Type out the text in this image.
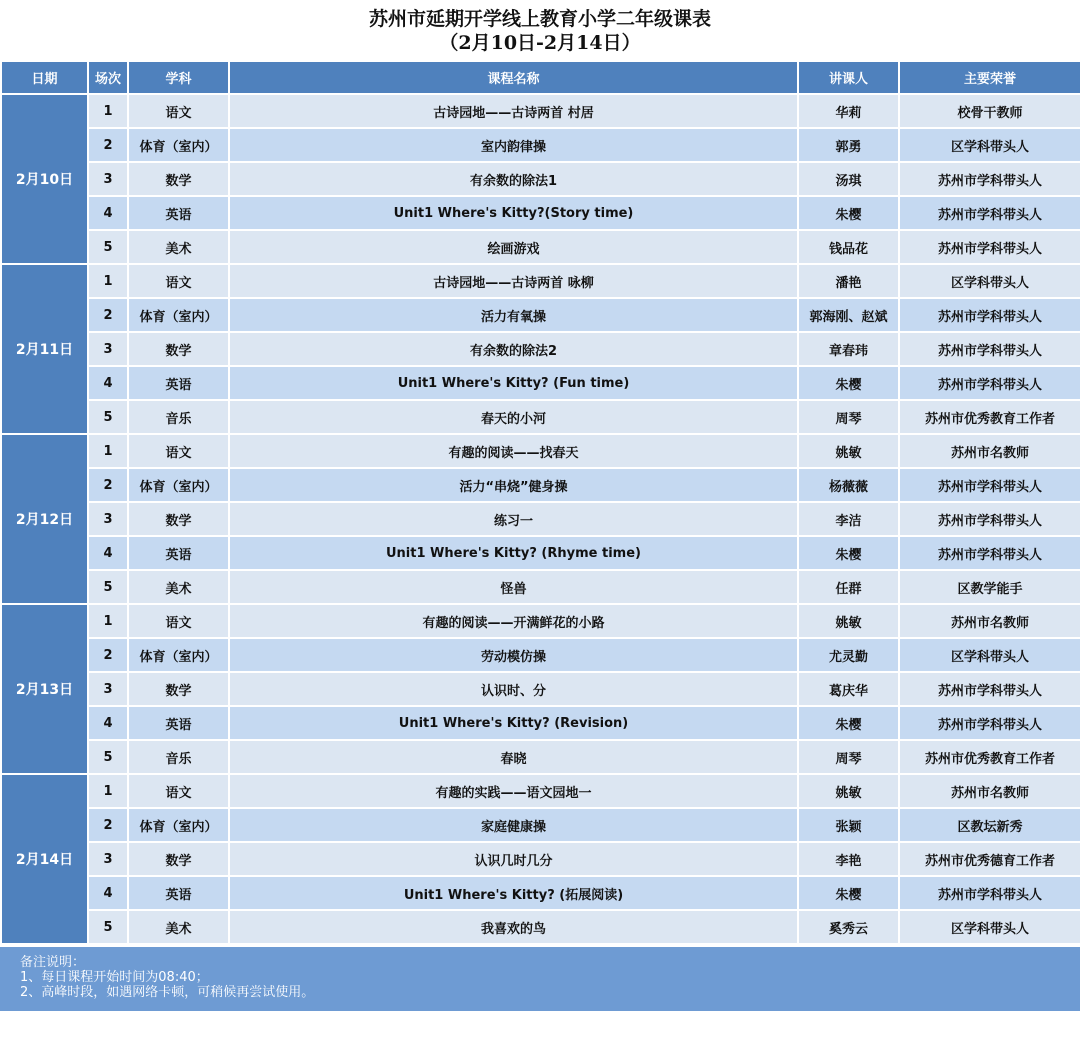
苏州市延期开学线上教育小学二年级课表
（2月10日-2月14日）
日期	场次	学科	课程名称	讲课人	主要荣誉
2月10日	1	语文	古诗园地——古诗两首 村居	华莉	校骨干教师
	2	体育（室内）	室内韵律操	郭勇	区学科带头人
	3	数学	有余数的除法1	汤琪	苏州市学科带头人
	4	英语	Unit1 Where's Kitty?(Story time)	朱樱	苏州市学科带头人
	5	美术	绘画游戏	钱品花	苏州市学科带头人
2月11日	1	语文	古诗园地——古诗两首 咏柳	潘艳	区学科带头人
	2	体育（室内）	活力有氧操	郭海刚、赵斌	苏州市学科带头人
	3	数学	有余数的除法2	章春玮	苏州市学科带头人
	4	英语	Unit1 Where's Kitty? (Fun time)	朱樱	苏州市学科带头人
	5	音乐	春天的小河	周琴	苏州市优秀教育工作者
2月12日	1	语文	有趣的阅读——找春天	姚敏	苏州市名教师
	2	体育（室内）	活力“串烧”健身操	杨薇薇	苏州市学科带头人
	3	数学	练习一	李洁	苏州市学科带头人
	4	英语	Unit1 Where's Kitty? (Rhyme time)	朱樱	苏州市学科带头人
	5	美术	怪兽	任群	区教学能手
2月13日	1	语文	有趣的阅读——开满鲜花的小路	姚敏	苏州市名教师
	2	体育（室内）	劳动模仿操	尤灵勤	区学科带头人
	3	数学	认识时、分	葛庆华	苏州市学科带头人
	4	英语	Unit1 Where's Kitty? (Revision)	朱樱	苏州市学科带头人
	5	音乐	春晓	周琴	苏州市优秀教育工作者
2月14日	1	语文	有趣的实践——语文园地一	姚敏	苏州市名教师
	2	体育（室内）	家庭健康操	张颖	区教坛新秀
	3	数学	认识几时几分	李艳	苏州市优秀德育工作者
	4	英语	Unit1 Where's Kitty? (拓展阅读)	朱樱	苏州市学科带头人
	5	美术	我喜欢的鸟	奚秀云	区学科带头人
备注说明：
1、每日课程开始时间为08:40；
2、高峰时段，如遇网络卡顿，可稍候再尝试使用。
